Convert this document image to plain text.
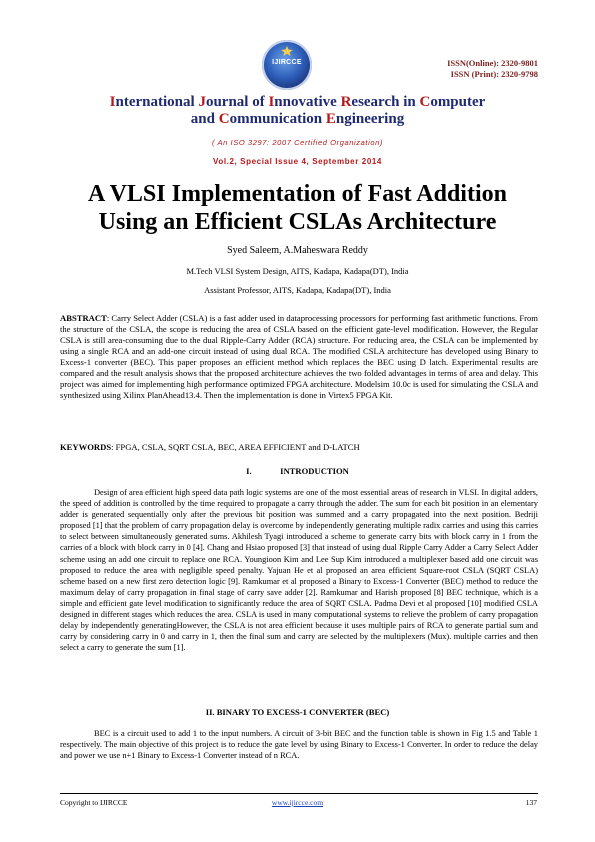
IJIRCCE	ISSN(Online): 2320-9801
ISSN (Print): 2320-9798
International Journal of Innovative Research in Computer
and Communication Engineering
( An ISO 3297: 2007 Certified Organization)
Vol.2, Special Issue 4, September 2014
A VLSI Implementation of Fast Addition
Using an Efficient CSLAs Architecture
Syed Saleem, A.Maheswara Reddy
M.Tech VLSI System Design, AITS, Kadapa, Kadapa(DT), India
Assistant Professor, AITS, Kadapa, Kadapa(DT), India
ABSTRACT: Carry Select Adder (CSLA) is a fast adder used in dataprocessing processors for performing fast arithmetic functions. From the structure of the CSLA, the scope is reducing the area of CSLA based on the efficient gate-level modification. However, the Regular CSLA is still area-consuming due to the dual Ripple-Carry Adder (RCA) structure. For reducing area, the CSLA can be implemented by using a single RCA and an add-one circuit instead of using dual RCA. The modified CSLA architecture has developed using Binary to Excess-1 converter (BEC). This paper proposes an efficient method which replaces the BEC using D latch. Experimental results are compared and the result analysis shows that the proposed architecture achieves the two folded advantages in terms of area and delay. This project was aimed for implementing high performance optimized FPGA architecture. Modelsim 10.0c is used for simulating the CSLA and synthesized using Xilinx PlanAhead13.4. Then the implementation is done in Virtex5 FPGA Kit.
KEYWORDS: FPGA, CSLA, SQRT CSLA, BEC, AREA EFFICIENT and D-LATCH
I.	INTRODUCTION
Design of area efficient high speed data path logic systems are one of the most essential areas of research in VLSI. In digital adders, the speed of addition is controlled by the time required to propagate a carry through the adder. The sum for each bit position in an elementary adder is generated sequentially only after the previous bit position was summed and a carry propagated into the next position. Bedriji proposed [1] that the problem of carry propagation delay is overcome by independently generating multiple radix carries and using this carries to select between simultaneously generated sums. Akhilesh Tyagi introduced a scheme to generate carry bits with block carry in 1 from the carries of a block with block carry in 0 [4]. Chang and Hsiao proposed [3] that instead of using dual Ripple Carry Adder a Carry Select Adder scheme using an add one circuit to replace one RCA. Youngioon Kim and Lee Sup Kim introduced a multiplexer based add one circuit was proposed to reduce the area with negligible speed penalty. Yajuan He et al proposed an area efficient Square-root CSLA (SQRT CSLA) scheme based on a new first zero detection logic [9]. Ramkumar et al proposed a Binary to Excess-1 Converter (BEC) method to reduce the maximum delay of carry propagation in final stage of carry save adder [2]. Ramkumar and Harish proposed [8] BEC technique, which is a simple and efficient gate level modification to significantly reduce the area of SQRT CSLA. Padma Devi et al proposed [10] modified CSLA designed in different stages which reduces the area. CSLA is used in many computational systems to relieve the problem of carry propagation delay by independently generatingHowever, the CSLA is not area efficient because it uses multiple pairs of RCA to generate partial sum and carry by considering carry in 0 and carry in 1, then the final sum and carry are selected by the multiplexers (Mux). multiple carries and then select a carry to generate the sum [1].
II. BINARY TO EXCESS-1 CONVERTER (BEC)
BEC is a circuit used to add 1 to the input numbers. A circuit of 3-bit BEC and the function table is shown in Fig 1.5 and Table 1 respectively. The main objective of this project is to reduce the gate level by using Binary to Excess-1 Converter. In order to reduce the delay and power we use n+1 Binary to Excess-1 Converter instead of n RCA.
Copyright to IJIRCCE	www.ijircce.com	137
